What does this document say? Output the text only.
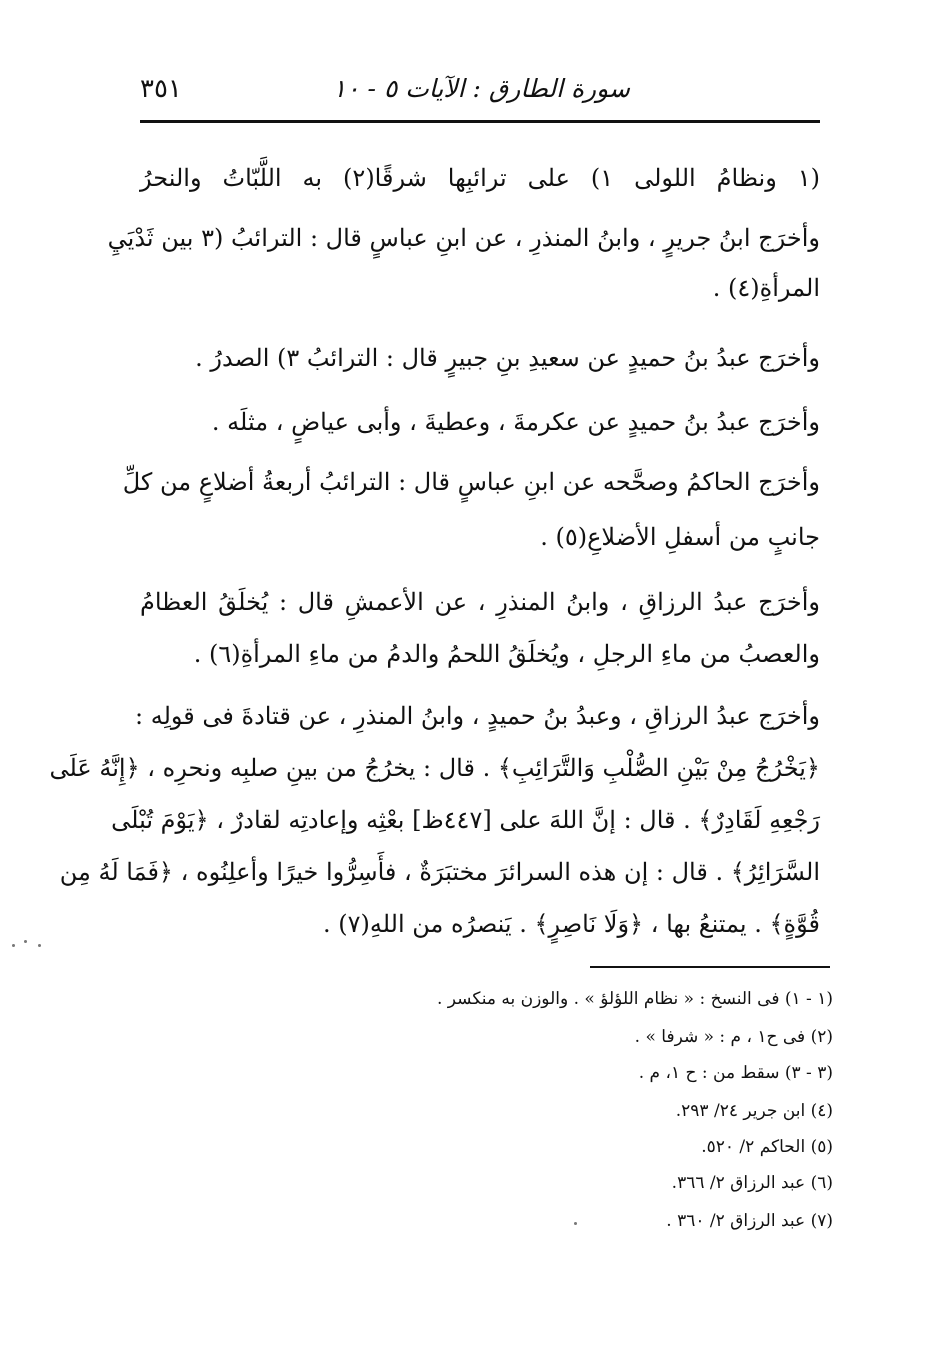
سورة الطارق : الآيات ٥ - ١٠
٣٥١
(١ ونظامُ اللولى ١) على ترائبِها شرقًا(٢) به اللَّبّاتُ والنحرُ
وأخرَج ابنُ جريرٍ ، وابنُ المنذرِ ، عن ابنِ عباسٍ قال : الترائبُ (٣ بين ثَدْيَيِ
المرأةِ(٤) .
وأخرَج عبدُ بنُ حميدٍ عن سعيدِ بنِ جبيرٍ قال : الترائبُ ٣) الصدرُ .
وأخرَج عبدُ بنُ حميدٍ عن عكرمةَ ، وعطيةَ ، وأبى عياضٍ ، مثلَه .
وأخرَج الحاكمُ وصحَّحه عن ابنِ عباسٍ قال : الترائبُ أربعةُ أضلاعٍ من كلِّ
جانبٍ من أسفلِ الأضلاعِ(٥) .
وأخرَج عبدُ الرزاقِ ، وابنُ المنذرِ ، عن الأعمشِ قال : يُخلَقُ العظامُ
والعصبُ من ماءِ الرجلِ ، ويُخلَقُ اللحمُ والدمُ من ماءِ المرأةِ(٦) .
وأخرَج عبدُ الرزاقِ ، وعبدُ بنُ حميدٍ ، وابنُ المنذرِ ، عن قتادةَ فى قولِه :
﴿يَخْرُجُ مِنْ بَيْنِ الصُّلْبِ وَالتَّرَائِبِ﴾ . قال : يخرُجُ من بينِ صلبِه ونحرِه ، ﴿إِنَّهُ عَلَى
رَجْعِهِ لَقَادِرٌ﴾ . قال : إنَّ اللهَ على [٤٤٧ظ] بعْثِه وإعادتِه لقادرٌ ، ﴿يَوْمَ تُبْلَى
السَّرَائِرُ﴾ . قال : إن هذه السرائرَ مختبَرَةٌ ، فأَسِرُّوا خيرًا وأعلِنُوه ، ﴿فَمَا لَهُ مِن
قُوَّةٍ﴾ . يمتنعُ بها ، ﴿وَلَا نَاصِرٍ﴾ . يَنصرُه من اللهِ(٧) .
(١ - ١) فى النسخ : « نظام اللؤلؤ » . والوزن به منكسر .
(٢) فى ح١ ، م : « شرفا » .
(٣ - ٣) سقط من : ح ١، م .
(٤) ابن جرير ٢٤/ ٢٩٣.
(٥) الحاكم ٢/ ٥٢٠.
(٦) عبد الرزاق ٢/ ٣٦٦.
(٧) عبد الرزاق ٢/ ٣٦٠ .
